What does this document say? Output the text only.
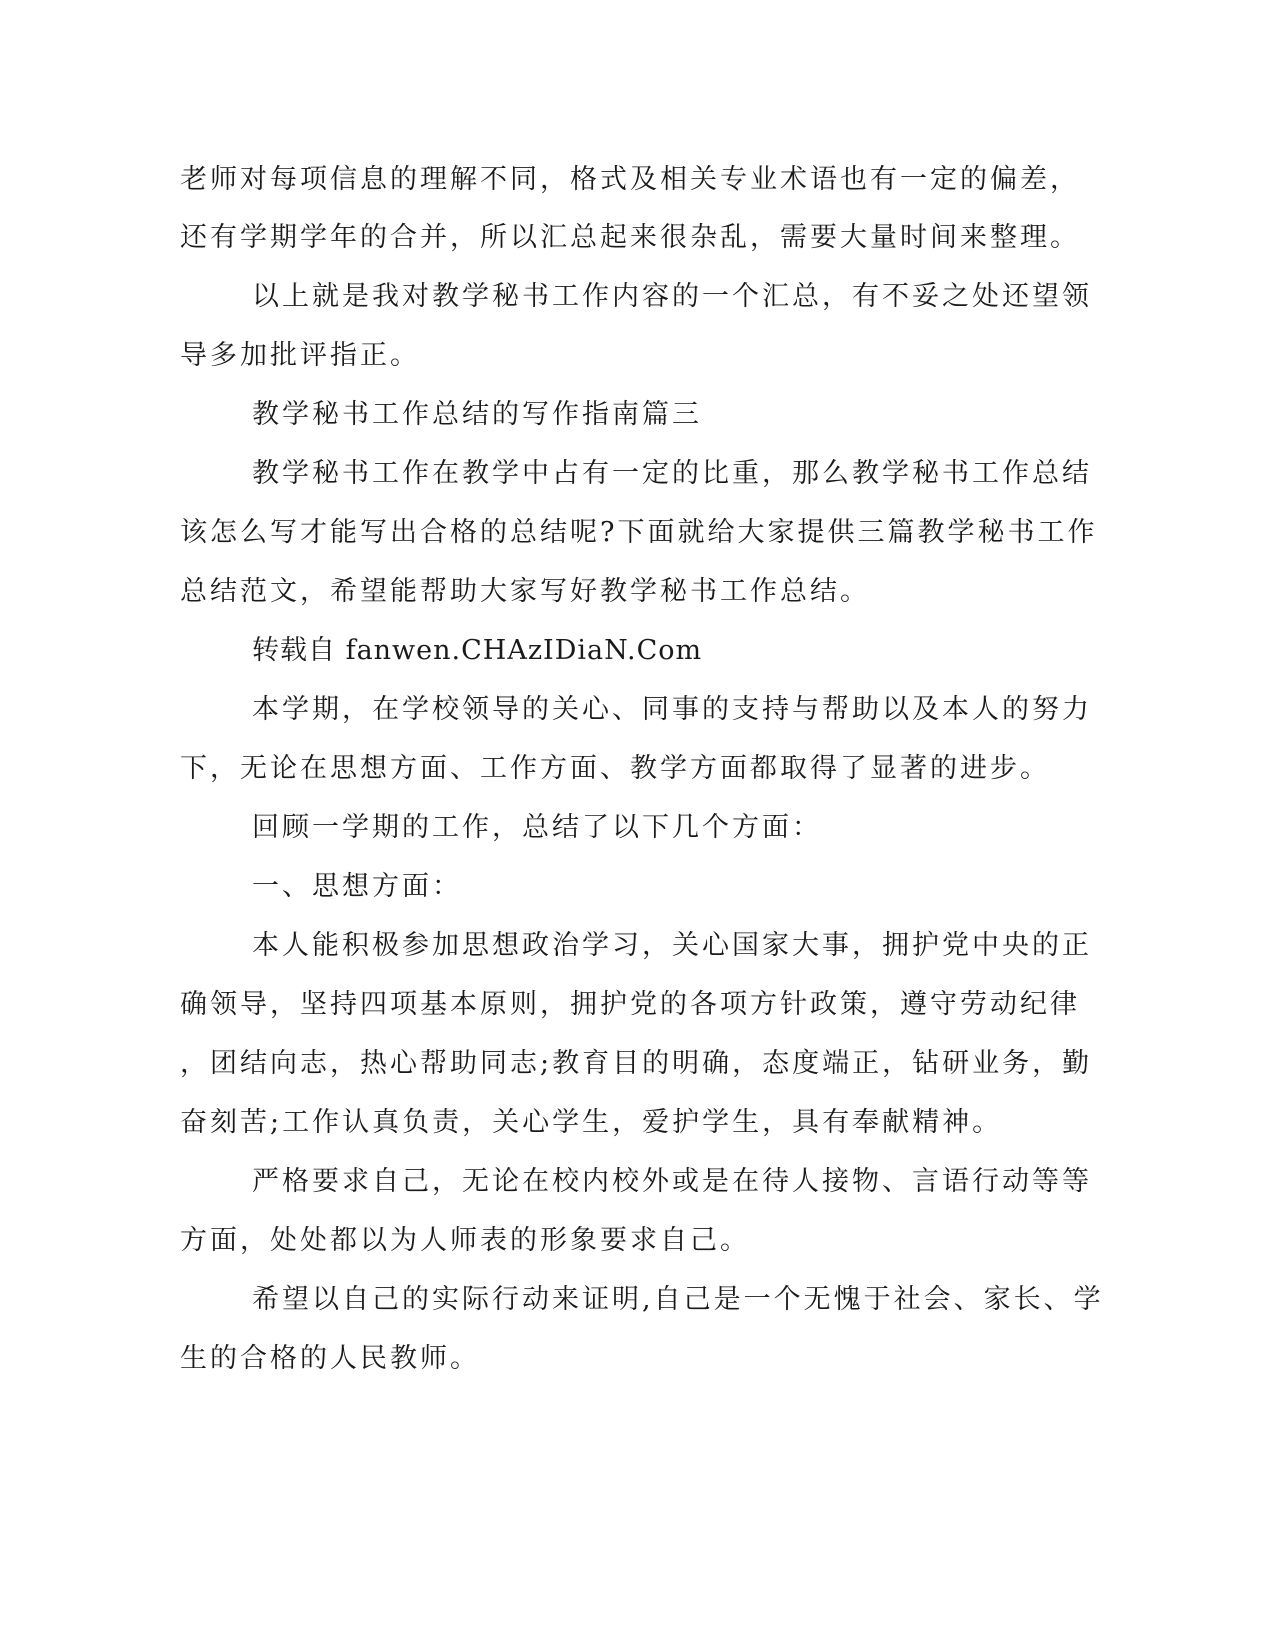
老师对每项信息的理解不同，格式及相关专业术语也有一定的偏差，
还有学期学年的合并，所以汇总起来很杂乱，需要大量时间来整理。
以上就是我对教学秘书工作内容的一个汇总，有不妥之处还望领
导多加批评指正。
教学秘书工作总结的写作指南篇三
教学秘书工作在教学中占有一定的比重，那么教学秘书工作总结
该怎么写才能写出合格的总结呢?下面就给大家提供三篇教学秘书工作
总结范文，希望能帮助大家写好教学秘书工作总结。
转载自 fanwen.CHAzIDiaN.Com
本学期，在学校领导的关心、同事的支持与帮助以及本人的努力
下，无论在思想方面、工作方面、教学方面都取得了显著的进步。
回顾一学期的工作，总结了以下几个方面：
一、思想方面：
本人能积极参加思想政治学习，关心国家大事，拥护党中央的正
确领导，坚持四项基本原则，拥护党的各项方针政策，遵守劳动纪律
，团结向志，热心帮助同志;教育目的明确，态度端正，钻研业务，勤
奋刻苦;工作认真负责，关心学生，爱护学生，具有奉献精神。
严格要求自己，无论在校内校外或是在待人接物、言语行动等等
方面，处处都以为人师表的形象要求自己。
希望以自己的实际行动来证明,自己是一个无愧于社会、家长、学
生的合格的人民教师。
